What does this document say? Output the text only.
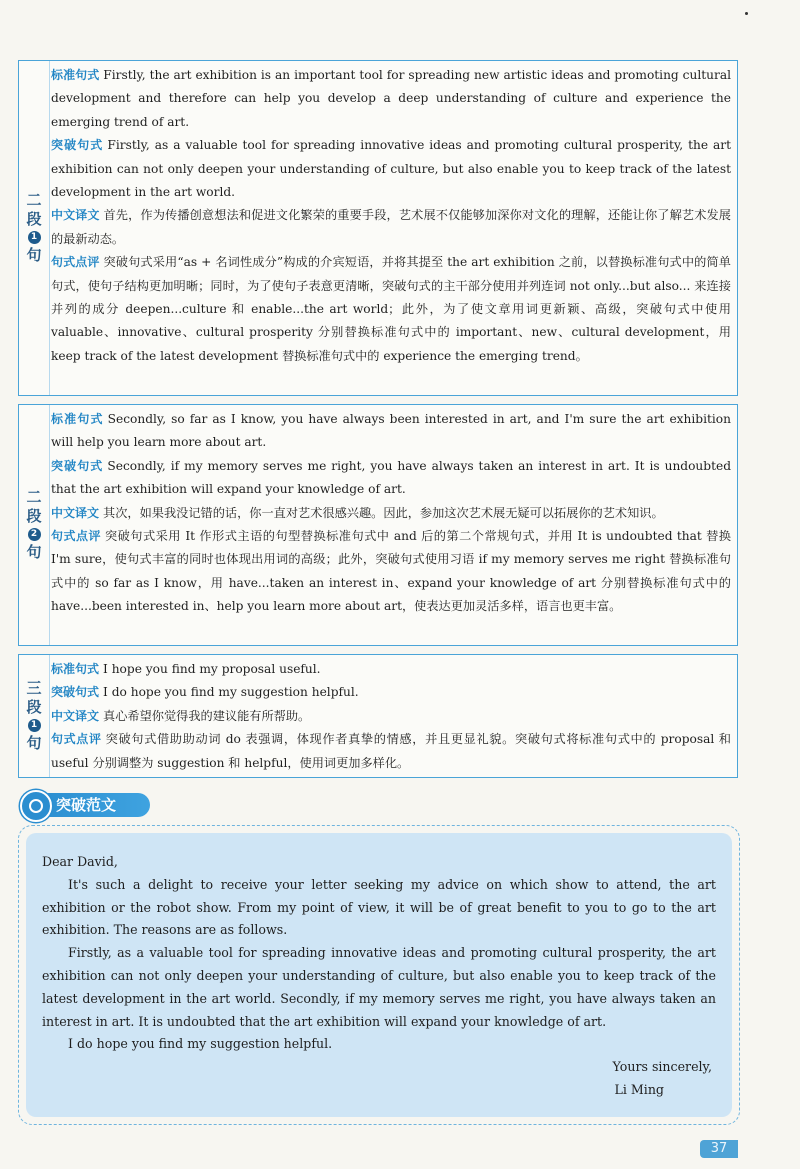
二
段
1
句

标准句式 Firstly, the art exhibition is an important tool for spreading new artistic ideas and promoting cultural development and therefore can help you develop a deep understanding of culture and experience the emerging trend of art.

突破句式 Firstly, as a valuable tool for spreading innovative ideas and promoting cultural prosperity, the art exhibition can not only deepen your understanding of culture, but also enable you to keep track of the latest development in the art world.

中文译文 首先，作为传播创意想法和促进文化繁荣的重要手段，艺术展不仅能够加深你对文化的理解，还能让你了解艺术发展的最新动态。

句式点评 突破句式采用“as + 名词性成分”构成的介宾短语，并将其提至 the art exhibition 之前，以替换标准句式中的简单句式，使句子结构更加明晰；同时，为了使句子表意更清晰，突破句式的主干部分使用并列连词 not only...but also... 来连接并列的成分 deepen...culture 和 enable...the art world；此外，为了使文章用词更新颖、高级，突破句式中使用 valuable、innovative、cultural prosperity 分别替换标准句式中的 important、new、cultural development，用 keep track of the latest development 替换标准句式中的 experience the emerging trend。

二
段
2
句

标准句式 Secondly, so far as I know, you have always been interested in art, and I'm sure the art exhibition will help you learn more about art.

突破句式 Secondly, if my memory serves me right, you have always taken an interest in art. It is undoubted that the art exhibition will expand your knowledge of art.

中文译文 其次，如果我没记错的话，你一直对艺术很感兴趣。因此，参加这次艺术展无疑可以拓展你的艺术知识。

句式点评 突破句式采用 It 作形式主语的句型替换标准句式中 and 后的第二个常规句式，并用 It is undoubted that 替换 I'm sure，使句式丰富的同时也体现出用词的高级；此外，突破句式使用习语 if my memory serves me right 替换标准句式中的 so far as I know，用 have...taken an interest in、expand your knowledge of art 分别替换标准句式中的 have...been interested in、help you learn more about art，使表达更加灵活多样，语言也更丰富。

三
段
1
句

标准句式 I hope you find my proposal useful.

突破句式 I do hope you find my suggestion helpful.

中文译文 真心希望你觉得我的建议能有所帮助。

句式点评 突破句式借助助动词 do 表强调，体现作者真挚的情感，并且更显礼貌。突破句式将标准句式中的 proposal 和 useful 分别调整为 suggestion 和 helpful，使用词更加多样化。

突破范文

Dear David,

It's such a delight to receive your letter seeking my advice on which show to attend, the art exhibition or the robot show. From my point of view, it will be of great benefit to you to go to the art exhibition. The reasons are as follows.

Firstly, as a valuable tool for spreading innovative ideas and promoting cultural prosperity, the art exhibition can not only deepen your understanding of culture, but also enable you to keep track of the latest development in the art world. Secondly, if my memory serves me right, you have always taken an interest in art. It is undoubted that the art exhibition will expand your knowledge of art.

I do hope you find my suggestion helpful.

Yours sincerely,

Li Ming

37
